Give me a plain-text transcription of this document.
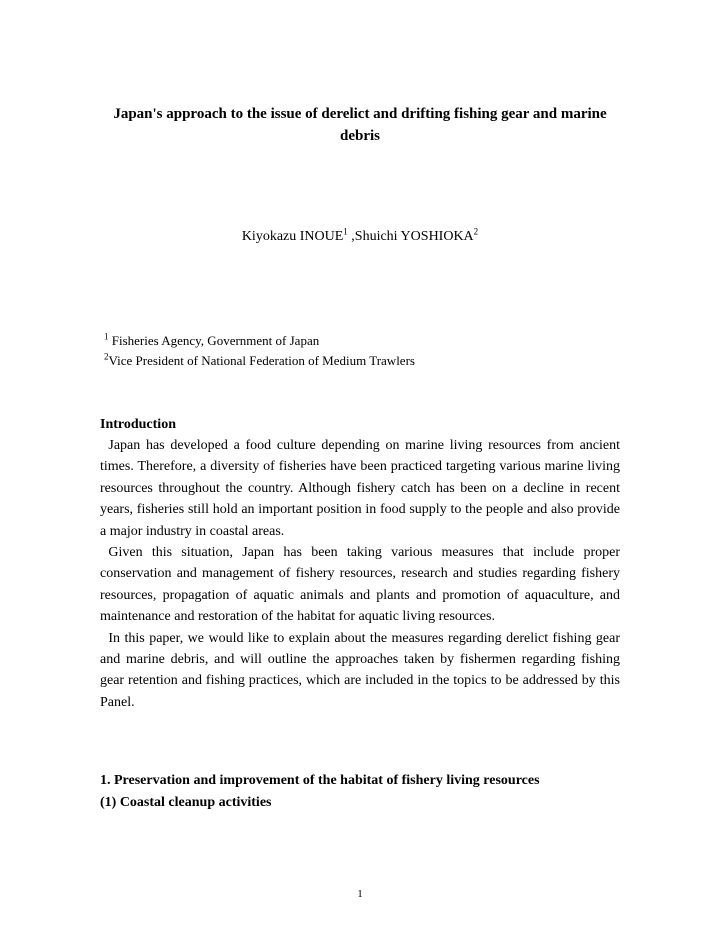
Japan's approach to the issue of derelict and drifting fishing gear and marine debris
Kiyokazu INOUE$^1$ ,Shuichi YOSHIOKA$^2$
$^1$ Fisheries Agency, Government of Japan
$^2$Vice President of National Federation of Medium Trawlers
Introduction

Japan has developed a food culture depending on marine living resources from ancient times. Therefore, a diversity of fisheries have been practiced targeting various marine living resources throughout the country. Although fishery catch has been on a decline in recent years, fisheries still hold an important position in food supply to the people and also provide a major industry in coastal areas.

Given this situation, Japan has been taking various measures that include proper conservation and management of fishery resources, research and studies regarding fishery resources, propagation of aquatic animals and plants and promotion of aquaculture, and maintenance and restoration of the habitat for aquatic living resources.

In this paper, we would like to explain about the measures regarding derelict fishing gear and marine debris, and will outline the approaches taken by fishermen regarding fishing gear retention and fishing practices, which are included in the topics to be addressed by this Panel.

1. Preservation and improvement of the habitat of fishery living resources
(1) Coastal cleanup activities
1
